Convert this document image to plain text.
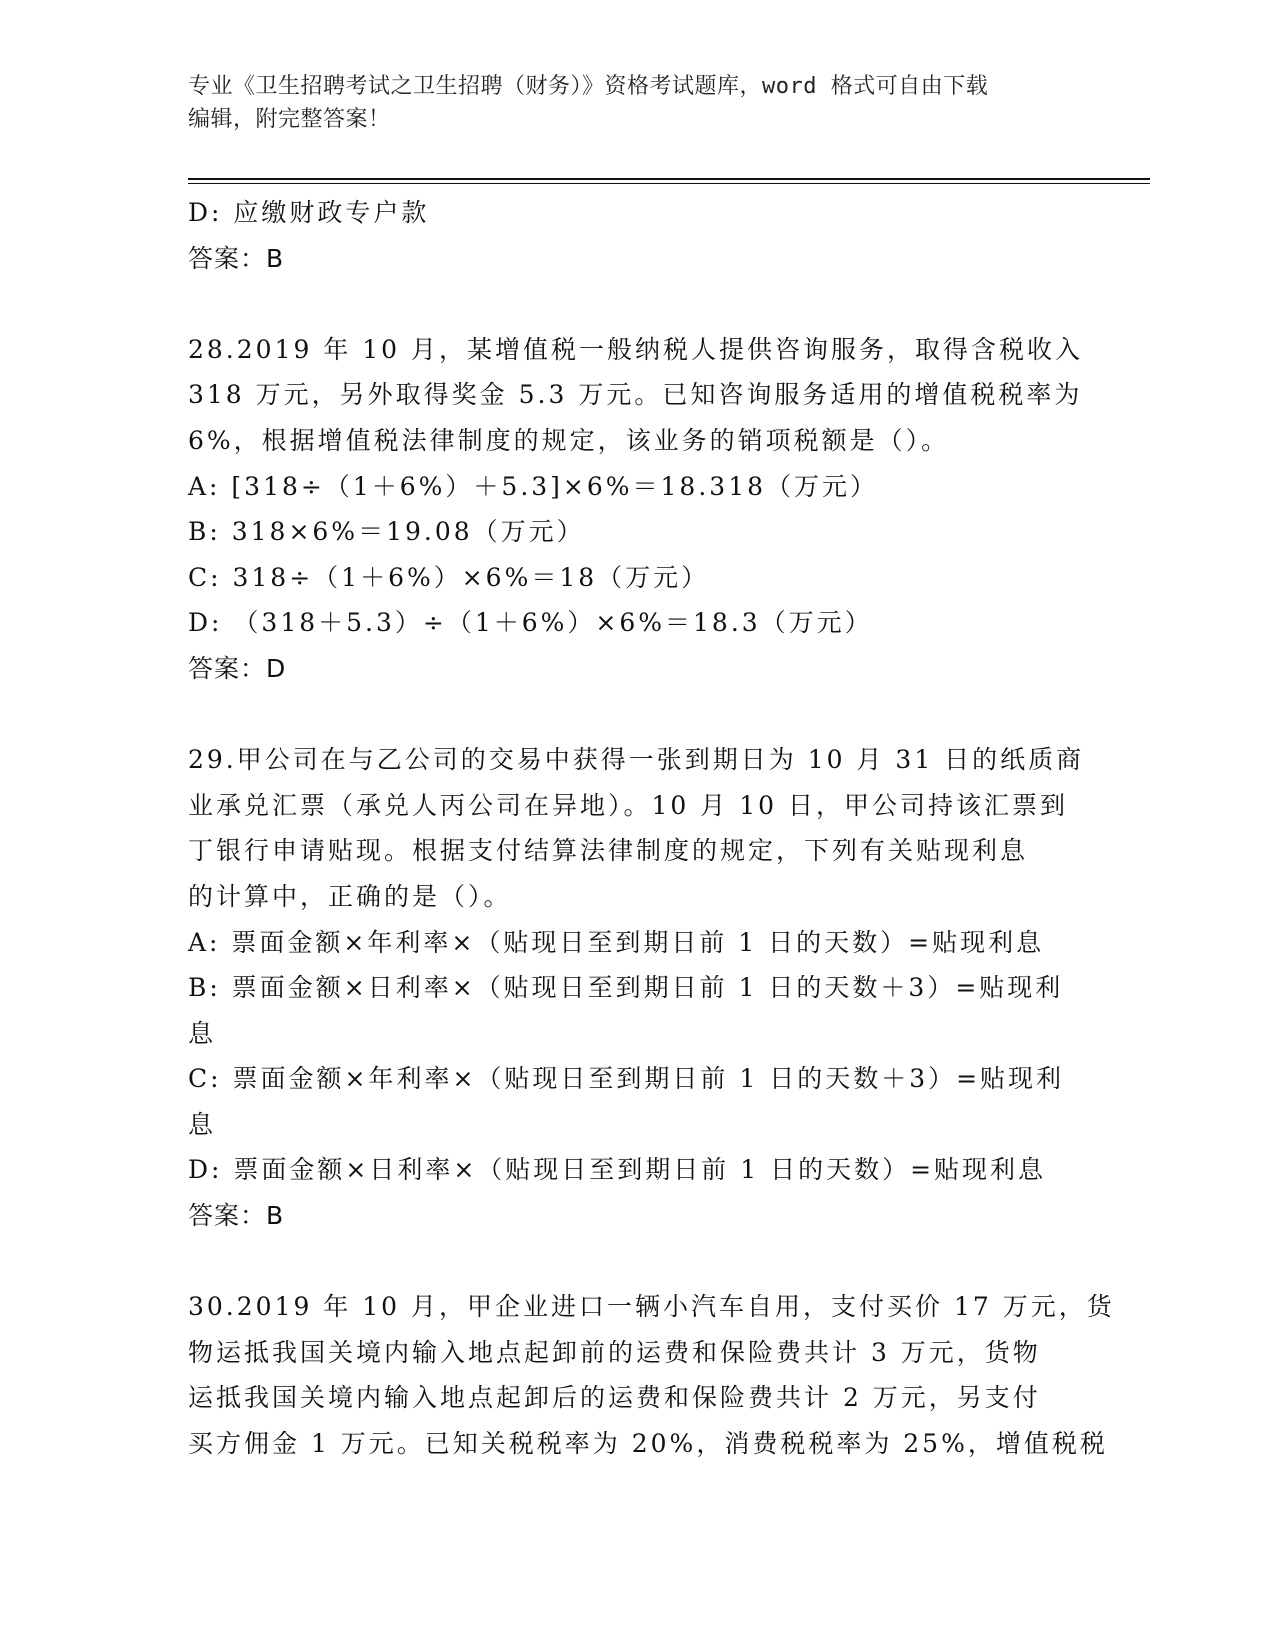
专业《卫生招聘考试之卫生招聘（财务）》资格考试题库，word 格式可自由下载
编辑，附完整答案！
D: 应缴财政专户款
答案：B
28.2019 年 10 月，某增值税一般纳税人提供咨询服务，取得含税收入
318 万元，另外取得奖金 5.3 万元。已知咨询服务适用的增值税税率为
6%，根据增值税法律制度的规定，该业务的销项税额是（）。
A: [318÷（1＋6%）＋5.3]×6%＝18.318（万元）
B: 318×6%＝19.08（万元）
C: 318÷（1＋6%）×6%＝18（万元）
D: （318＋5.3）÷（1＋6%）×6%＝18.3（万元）
答案：D
29.甲公司在与乙公司的交易中获得一张到期日为 10 月 31 日的纸质商
业承兑汇票（承兑人丙公司在异地）。10 月 10 日，甲公司持该汇票到
丁银行申请贴现。根据支付结算法律制度的规定，下列有关贴现利息
的计算中，正确的是（）。
A: 票面金额×年利率×（贴现日至到期日前 1 日的天数）=贴现利息
B: 票面金额×日利率×（贴现日至到期日前 1 日的天数＋3）=贴现利
息
C: 票面金额×年利率×（贴现日至到期日前 1 日的天数＋3）=贴现利
息
D: 票面金额×日利率×（贴现日至到期日前 1 日的天数）=贴现利息
答案：B
30.2019 年 10 月，甲企业进口一辆小汽车自用，支付买价 17 万元，货
物运抵我国关境内输入地点起卸前的运费和保险费共计 3 万元，货物
运抵我国关境内输入地点起卸后的运费和保险费共计 2 万元，另支付
买方佣金 1 万元。已知关税税率为 20%，消费税税率为 25%，增值税税
